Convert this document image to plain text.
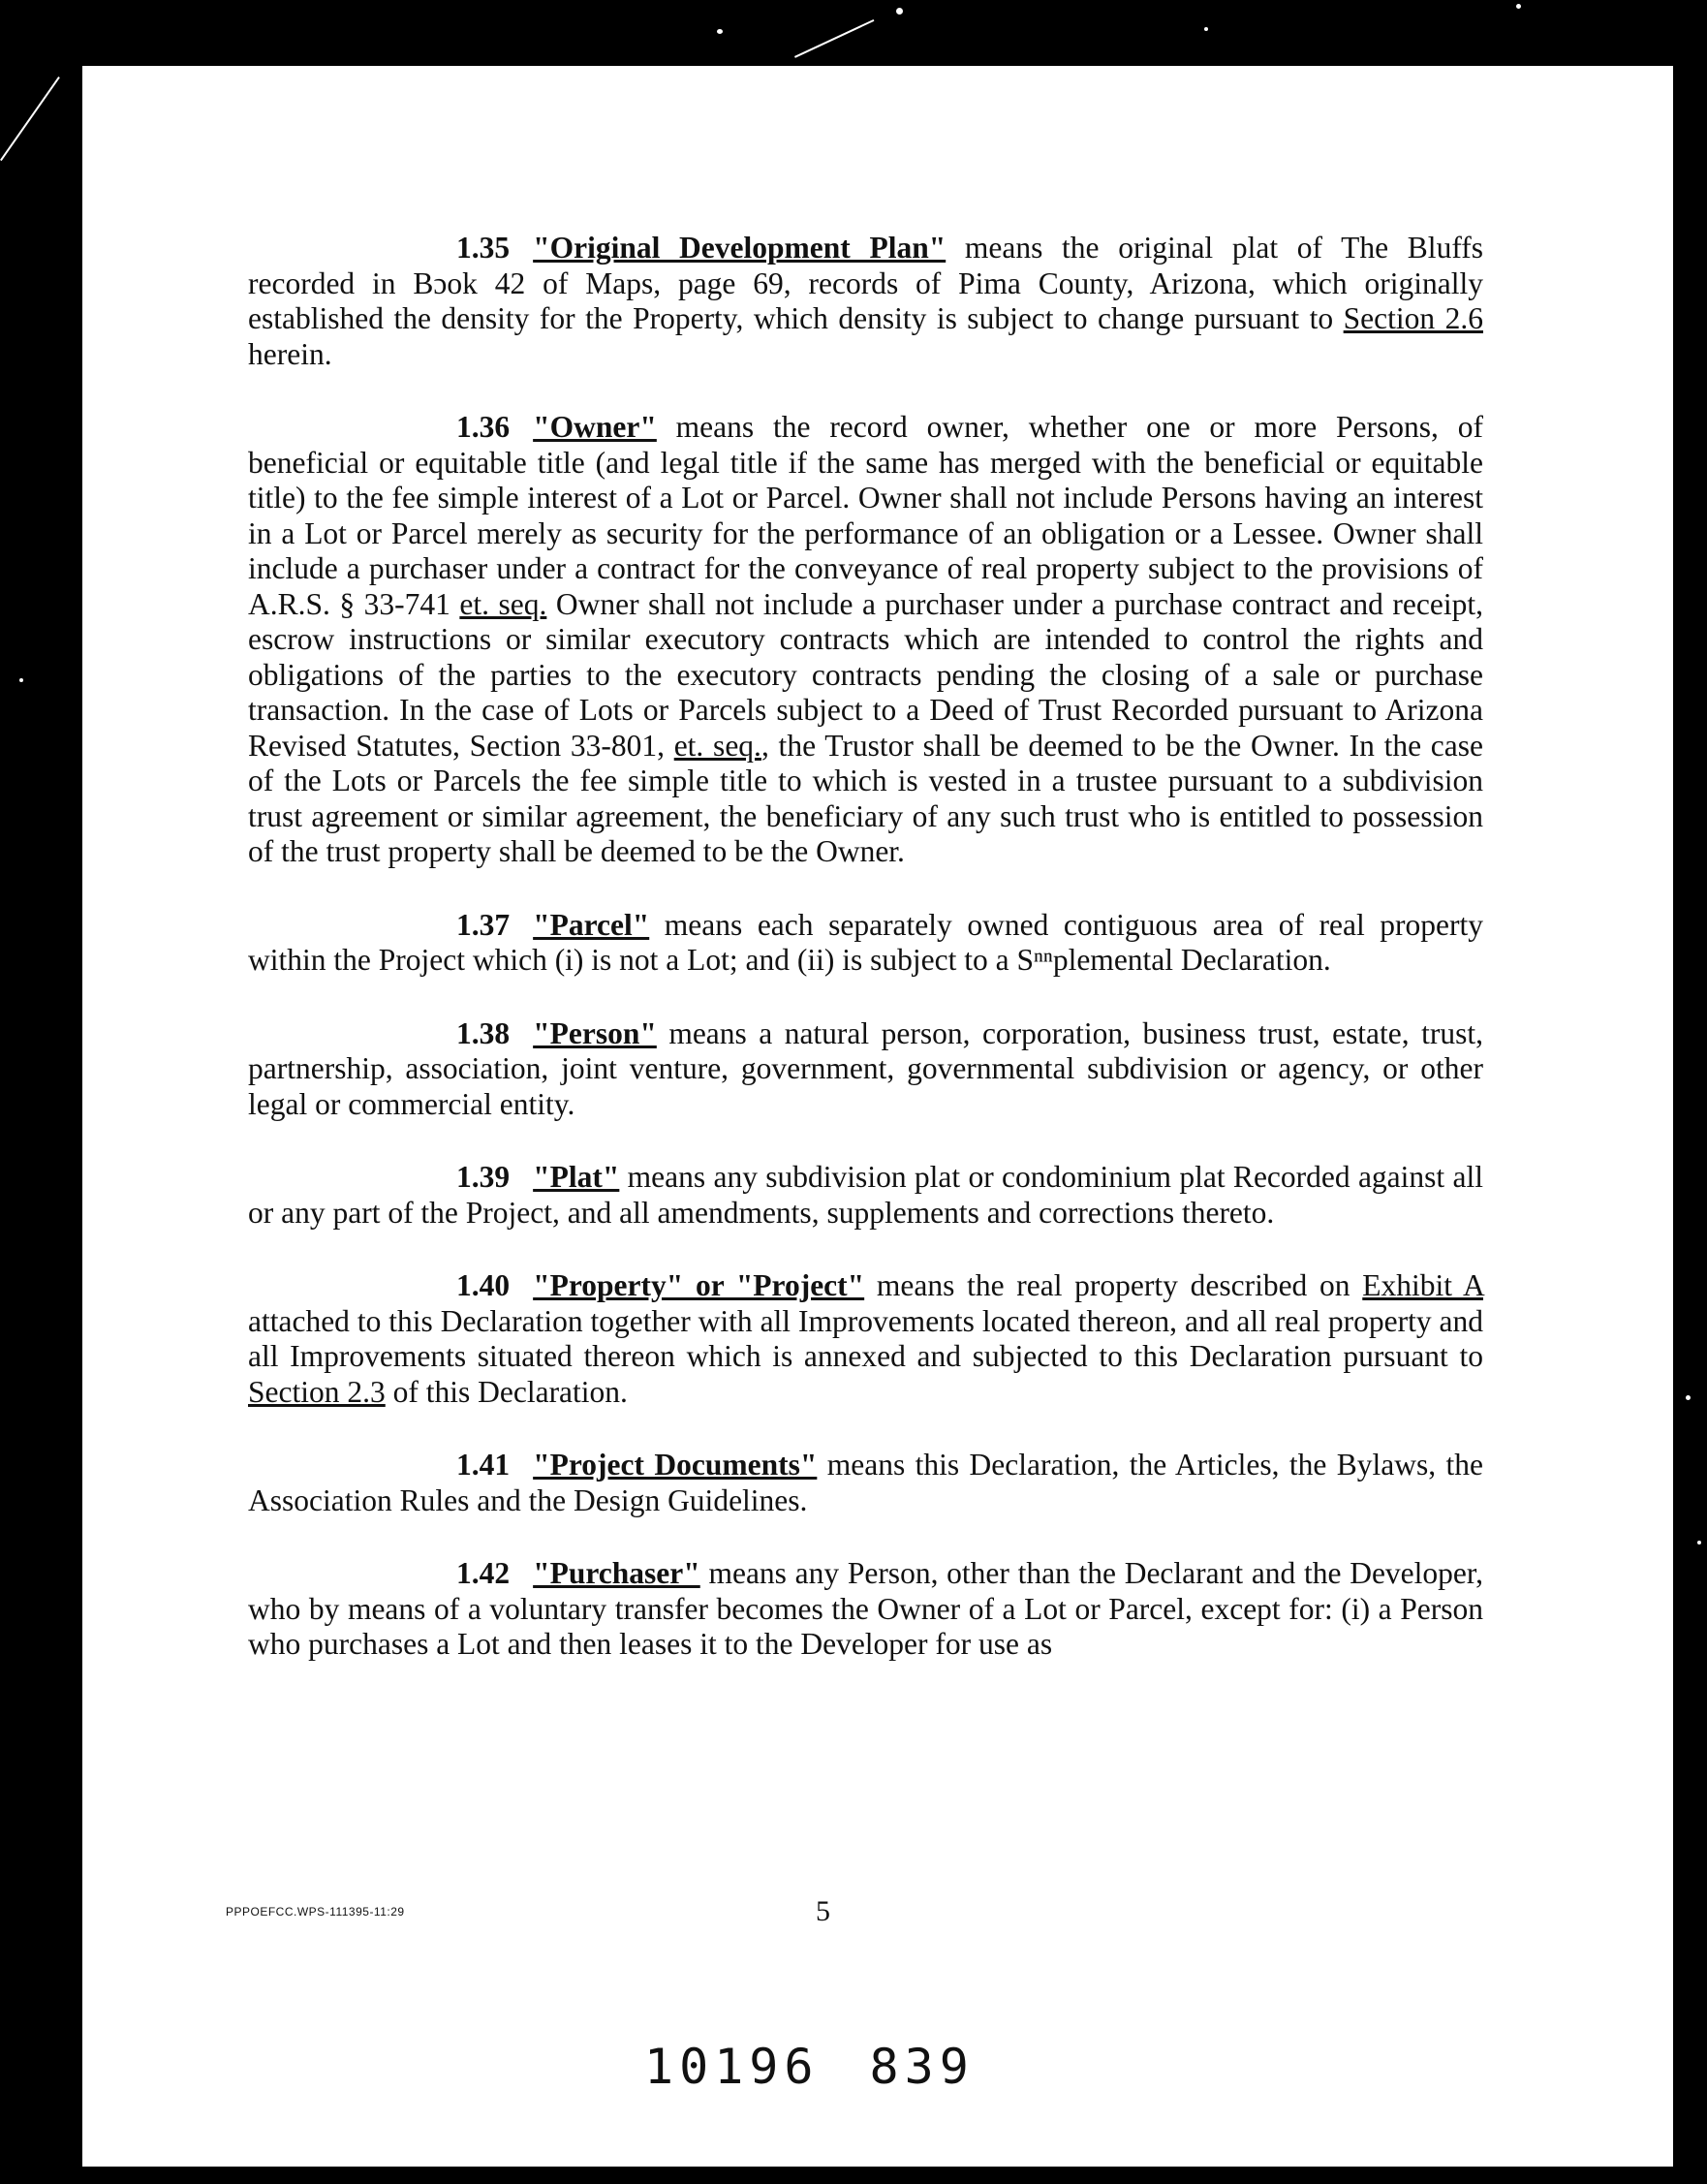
1.35 "Original Development Plan" means the original plat of The Bluffs recorded in Bɔok 42 of Maps, page 69, records of Pima County, Arizona, which originally established the density for the Property, which density is subject to change pursuant to Section 2.6 herein.

1.36 "Owner" means the record owner, whether one or more Persons, of beneficial or equitable title (and legal title if the same has merged with the beneficial or equitable title) to the fee simple interest of a Lot or Parcel. Owner shall not include Persons having an interest in a Lot or Parcel merely as security for the performance of an obligation or a Lessee. Owner shall include a purchaser under a contract for the conveyance of real property subject to the provisions of A.R.S. § 33-741 et. seq. Owner shall not include a purchaser under a purchase contract and receipt, escrow instructions or similar executory contracts which are intended to control the rights and obligations of the parties to the executory contracts pending the closing of a sale or purchase transaction. In the case of Lots or Parcels subject to a Deed of Trust Recorded pursuant to Arizona Revised Statutes, Section 33-801, et. seq., the Trustor shall be deemed to be the Owner. In the case of the Lots or Parcels the fee simple title to which is vested in a trustee pursuant to a subdivision trust agreement or similar agreement, the beneficiary of any such trust who is entitled to possession of the trust property shall be deemed to be the Owner.

1.37 "Parcel" means each separately owned contiguous area of real property within the Project which (i) is not a Lot; and (ii) is subject to a Sⁿⁿplemental Declaration.

1.38 "Person" means a natural person, corporation, business trust, estate, trust, partnership, association, joint venture, government, governmental subdivision or agency, or other legal or commercial entity.

1.39 "Plat" means any subdivision plat or condominium plat Recorded against all or any part of the Project, and all amendments, supplements and corrections thereto.

1.40 "Property" or "Project" means the real property described on Exhibit A attached to this Declaration together with all Improvements located thereon, and all real property and all Improvements situated thereon which is annexed and subjected to this Declaration pursuant to Section 2.3 of this Declaration.

1.41 "Project Documents" means this Declaration, the Articles, the Bylaws, the Association Rules and the Design Guidelines.

1.42 "Purchaser" means any Person, other than the Declarant and the Developer, who by means of a voluntary transfer becomes the Owner of a Lot or Parcel, except for: (i) a Person who purchases a Lot and then leases it to the Developer for use as

PPPOEFCC.WPS-111395-11:29	5
10196 839
